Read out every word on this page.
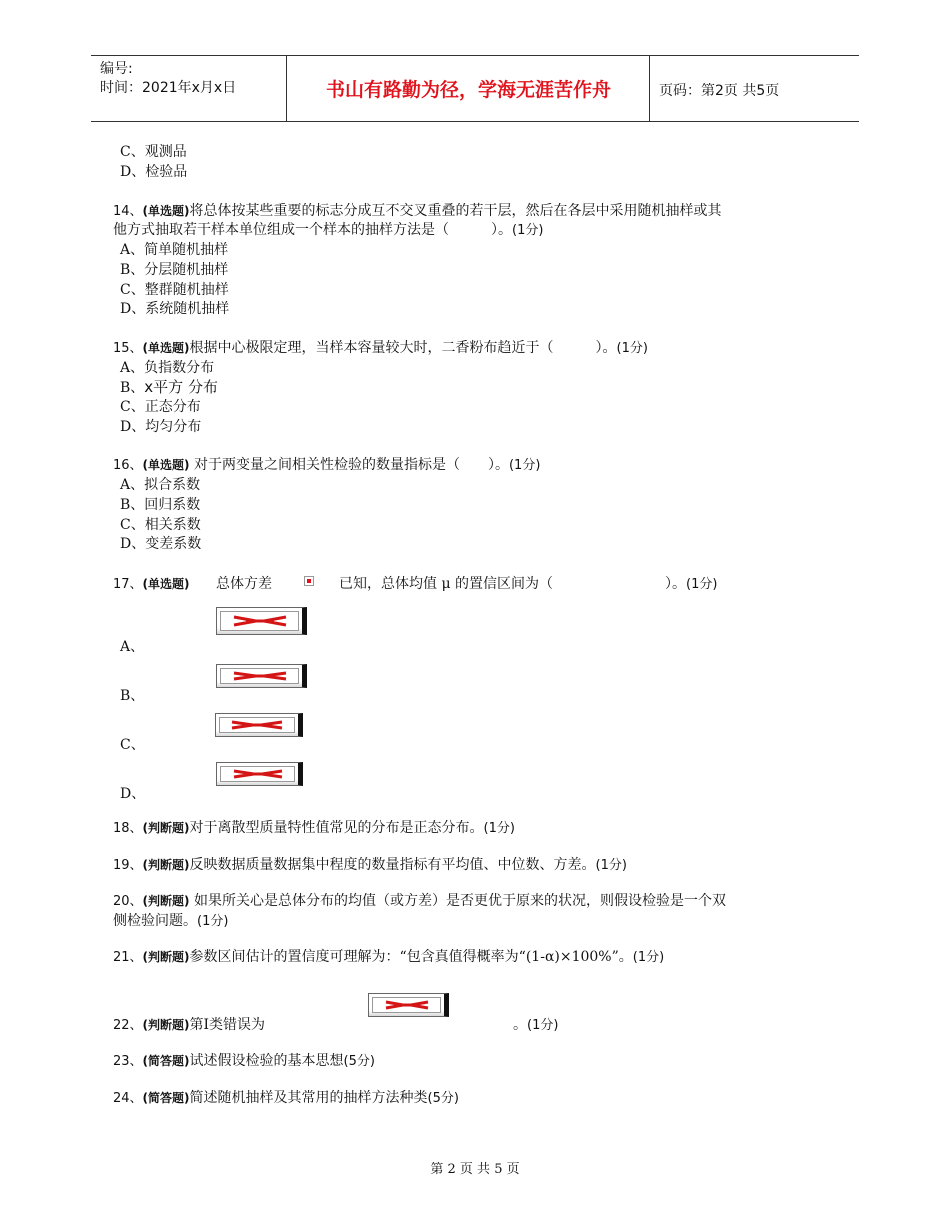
编号:
时间：2021年x月x日	书山有路勤为径，学海无涯苦作舟	页码：第2页 共5页
C、观测品
D、检验品
14、(单选题)将总体按某些重要的标志分成互不交叉重叠的若干层，然后在各层中采用随机抽样或其
他方式抽取若干样本单位组成一个样本的抽样方法是（　　　）。(1分)
A、简单随机抽样
B、分层随机抽样
C、整群随机抽样
D、系统随机抽样
15、(单选题)根据中心极限定理，当样本容量较大时，二香粉布趋近于（　　　）。(1分)
A、负指数分布
B、x平方 分布
C、正态分布
D、均匀分布
16、(单选题) 对于两变量之间相关性检验的数量指标是（　　）。(1分)
A、拟合系数
B、回归系数
C、相关系数
D、变差系数
17、(单选题) 总体方差	已知，总体均值 μ 的置信区间为（　　　　　　　　）。(1分)
A、
B、
C、
D、
18、(判断题)对于离散型质量特性值常见的分布是正态分布。(1分)
19、(判断题)反映数据质量数据集中程度的数量指标有平均值、中位数、方差。(1分)
20、(判断题) 如果所关心是总体分布的均值（或方差）是否更优于原来的状况，则假设检验是一个双
侧检验问题。(1分)
21、(判断题)参数区间估计的置信度可理解为：“包含真值得概率为“(1-α)×100%”。(1分)
22、(判断题)第Ⅰ类错误为	。(1分)
23、(简答题)试述假设检验的基本思想(5分)
24、(简答题)简述随机抽样及其常用的抽样方法种类(5分)
第 2 页 共 5 页
